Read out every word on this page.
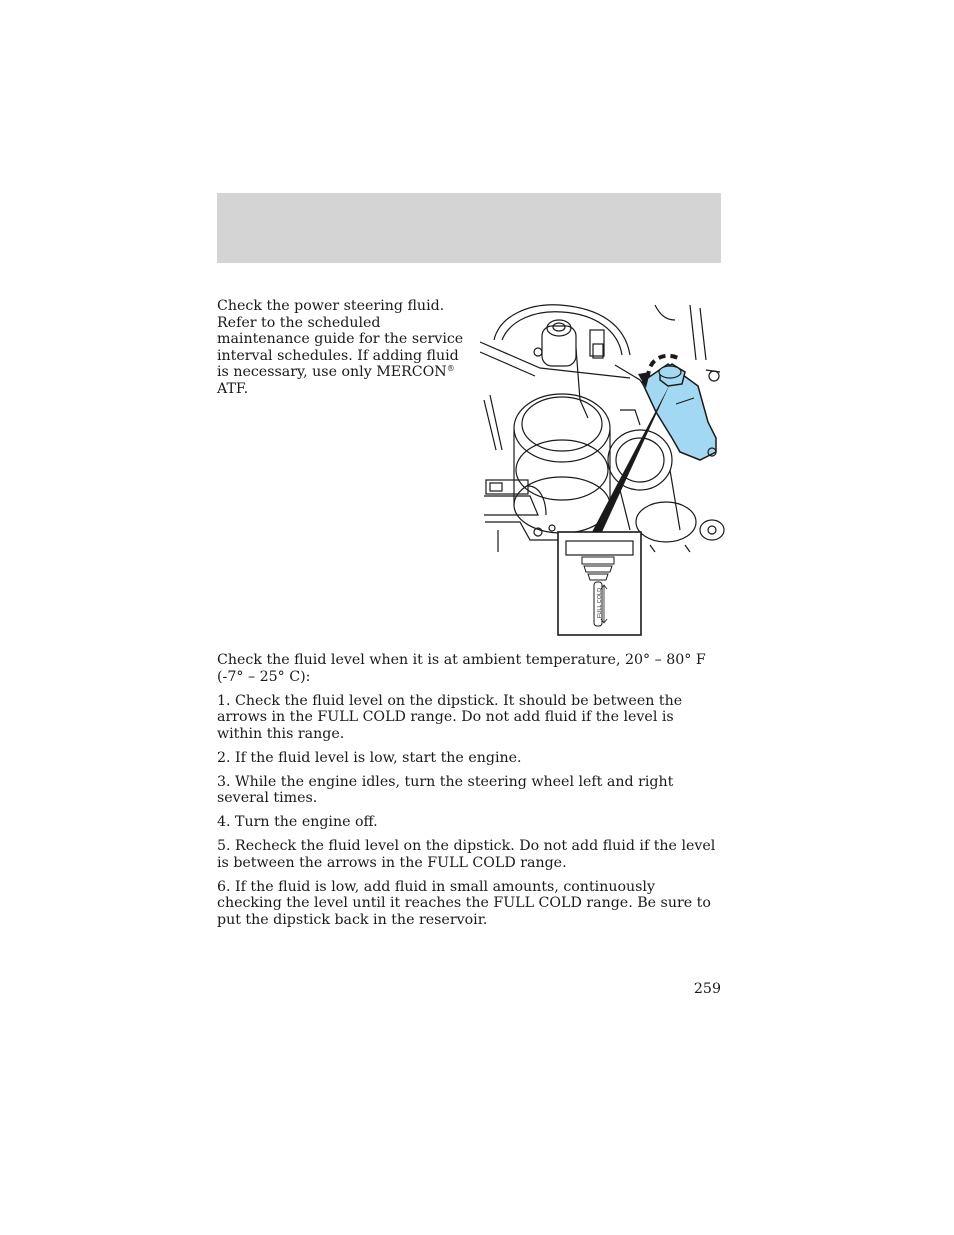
Check the power steering fluid. Refer to the scheduled maintenance guide for the service interval schedules. If adding fluid is necessary, use only MERCON® ATF.
FULL COLD

Check the fluid level when it is at ambient temperature, 20° – 80° F (-7° – 25° C):

1. Check the fluid level on the dipstick. It should be between the arrows in the FULL COLD range. Do not add fluid if the level is within this range.

2. If the fluid level is low, start the engine.

3. While the engine idles, turn the steering wheel left and right several times.

4. Turn the engine off.

5. Recheck the fluid level on the dipstick. Do not add fluid if the level is between the arrows in the FULL COLD range.

6. If the fluid is low, add fluid in small amounts, continuously checking the level until it reaches the FULL COLD range. Be sure to put the dipstick back in the reservoir.

259
